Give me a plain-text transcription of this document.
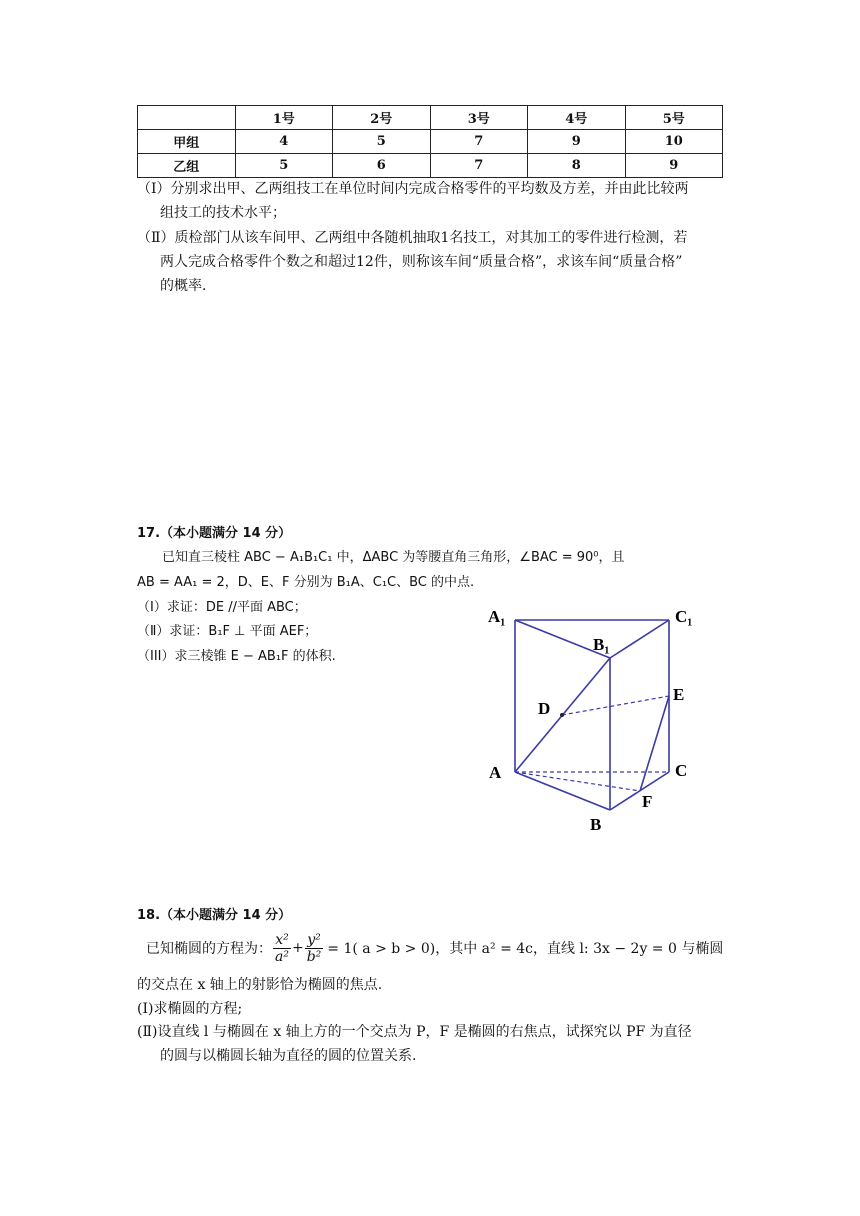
	1号	2号	3号	4号	5号
甲组	4	5	7	9	10
乙组	5	6	7	8	9
（Ⅰ）分别求出甲、乙两组技工在单位时间内完成合格零件的平均数及方差，并由此比较两
组技工的技术水平；
（Ⅱ）质检部门从该车间甲、乙两组中各随机抽取1名技工，对其加工的零件进行检测，若
两人完成合格零件个数之和超过12件，则称该车间“质量合格”，求该车间“质量合格”
的概率.
17.（本小题满分 14 分）
已知直三棱柱 ABC − A₁B₁C₁ 中，ΔABC 为等腰直角三角形，∠BAC = 90⁰，且
AB = AA₁ = 2，D、E、F 分别为 B₁A、C₁C、BC 的中点.
（Ⅰ）求证：DE //平面 ABC；
（Ⅱ）求证：B₁F ⊥ 平面 AEF；
（III）求三棱锥 E − AB₁F 的体积.
A₁
B₁
C₁
D
E
A	C
F
B
18.（本小题满分 14 分）
已知椭圆的方程为： $\frac{\text{x²}}{\text{a²}} + \frac{\text{y²}}{\text{b²}} = 1$( a > b > 0)，其中 a² = 4c，直线 l: 3x − 2y = 0 与椭圆
的交点在 x 轴上的射影恰为椭圆的焦点.
(Ⅰ)求椭圆的方程;
(Ⅱ)设直线 l 与椭圆在 x 轴上方的一个交点为 P，F 是椭圆的右焦点，试探究以 PF 为直径
的圆与以椭圆长轴为直径的圆的位置关系.
